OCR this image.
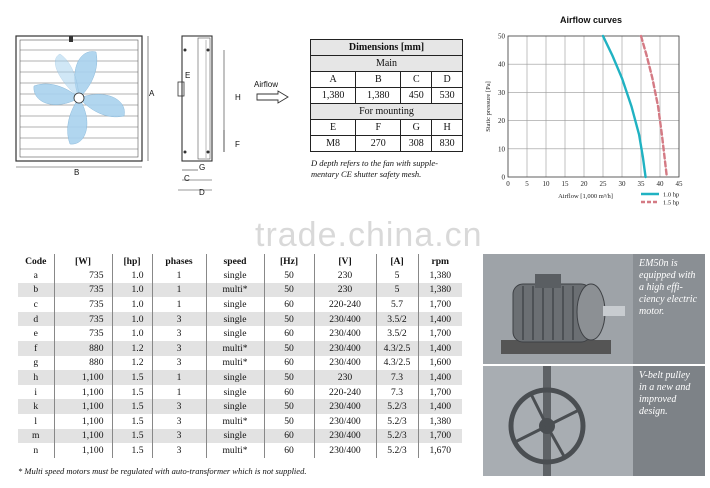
A
B
E
H
F
G
C
D
Airflow
Dimensions [mm]			
Main			
A	B	C	D
1,380	1,380	450	530
For mounting			
E	F	G	H
M8	270	308	830
D depth refers to the fan with supple-
mentary CE shutter safety mesh.
Airflow curves
0 5 10 15 20 25 30 35 40 45
0
10
20
30
40
50
Static pressure [Pa]
Airflow [1,000 m³/h]	1.0 hp
1.5 hp
trade.china.cn

Code	[W]	[hp]	phases	speed	[Hz]	[V]	[A]	rpm
a	735	1.0	1	single	50	230	5	1,380
b	735	1.0	1	multi*	50	230	5	1,380
c	735	1.0	1	single	60	220-240	5.7	1,700
d	735	1.0	3	single	50	230/400	3.5/2	1,400
e	735	1.0	3	single	60	230/400	3.5/2	1,700
f	880	1.2	3	multi*	50	230/400	4.3/2.5	1,400
g	880	1.2	3	multi*	60	230/400	4.3/2.5	1,600
h	1,100	1.5	1	single	50	230	7.3	1,400
i	1,100	1.5	1	single	60	220-240	7.3	1,700
k	1,100	1.5	3	single	50	230/400	5.2/3	1,400
l	1,100	1.5	3	multi*	50	230/400	5.2/3	1,380
m	1,100	1.5	3	single	60	230/400	5.2/3	1,700
n	1,100	1.5	3	multi*	60	230/400	5.2/3	1,670
* Multi speed motors must be regulated with auto-transformer which is not supplied.
EM50n is
equipped with
a high effi-
ciency electric
motor.
V-belt pulley
in a new and
improved
design.
